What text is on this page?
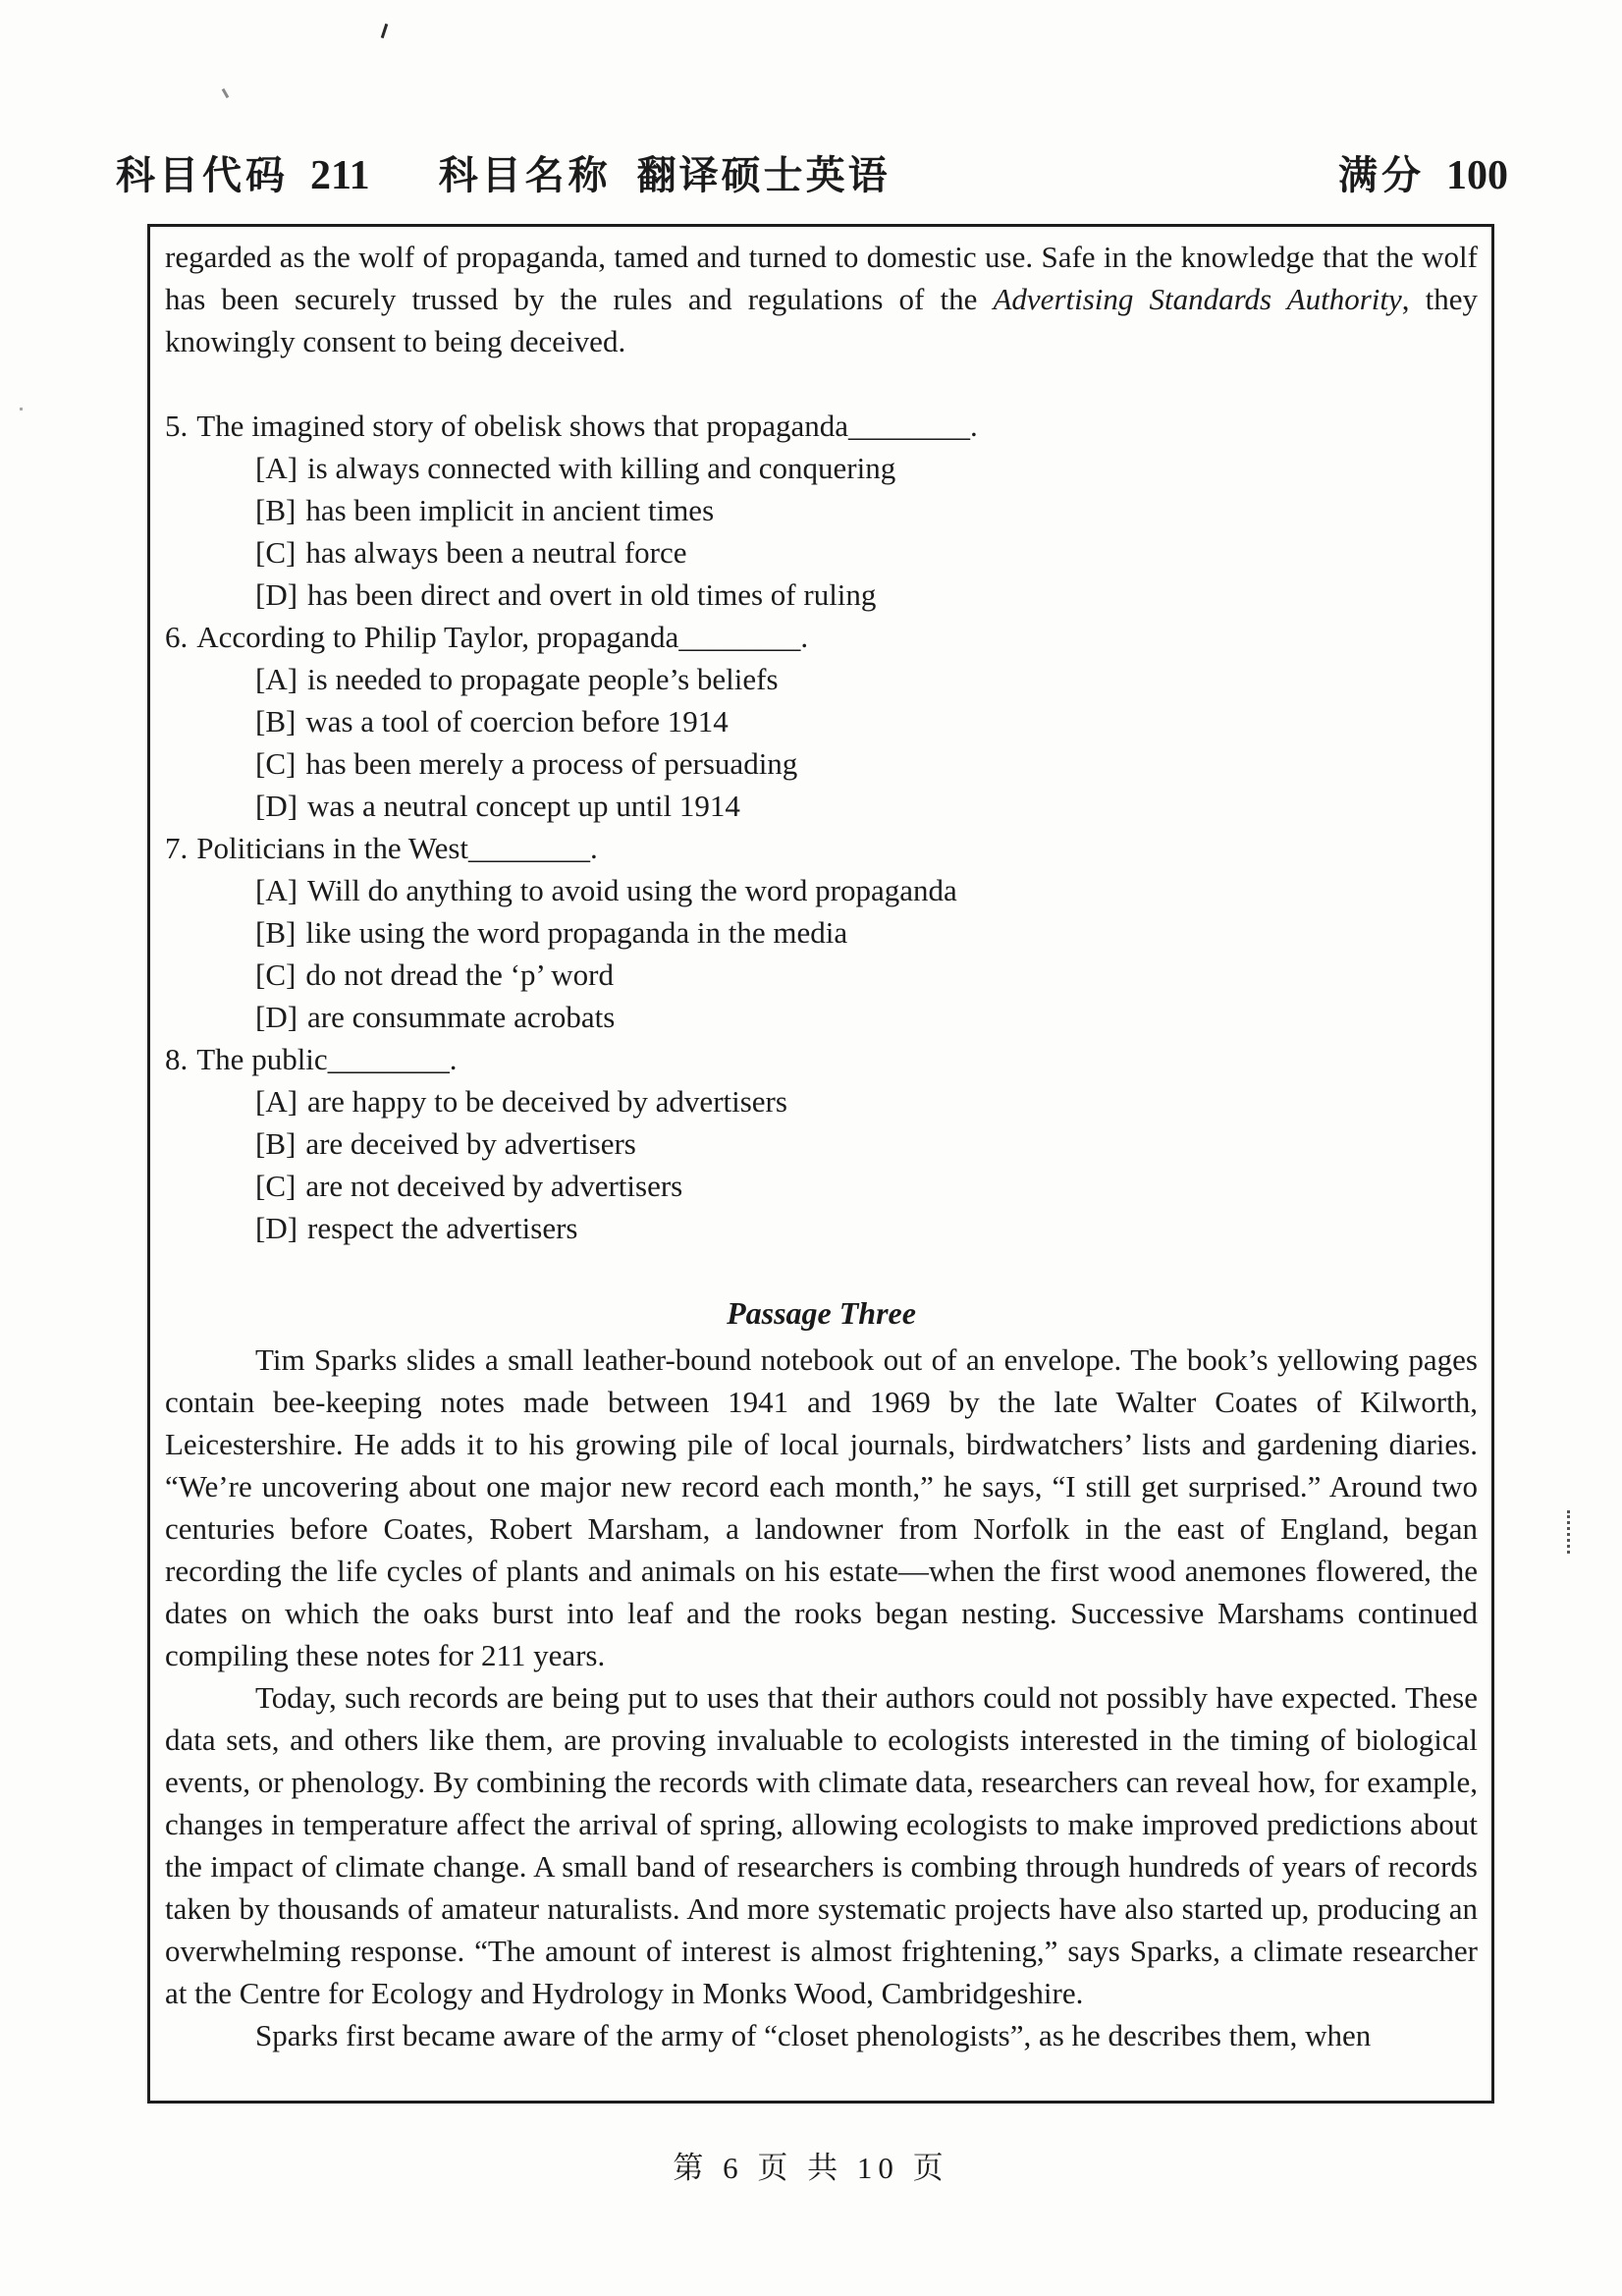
科目代码 211 科目名称 翻译硕士英语	满分 100

regarded as the wolf of propaganda, tamed and turned to domestic use. Safe in the knowledge that the wolf has been securely trussed by the rules and regulations of the Advertising Standards Authority, they knowingly consent to being deceived.

5. The imagined story of obelisk shows that propaganda________.
[A] is always connected with killing and conquering
[B] has been implicit in ancient times
[C] has always been a neutral force
[D] has been direct and overt in old times of ruling
6. According to Philip Taylor, propaganda________.
[A] is needed to propagate people’s beliefs
[B] was a tool of coercion before 1914
[C] has been merely a process of persuading
[D] was a neutral concept up until 1914
7. Politicians in the West________.
[A] Will do anything to avoid using the word propaganda
[B] like using the word propaganda in the media
[C] do not dread the ‘p’ word
[D] are consummate acrobats
8. The public________.
[A] are happy to be deceived by advertisers
[B] are deceived by advertisers
[C] are not deceived by advertisers
[D] respect the advertisers

Passage Three

Tim Sparks slides a small leather-bound notebook out of an envelope. The book’s yellowing pages contain bee-keeping notes made between 1941 and 1969 by the late Walter Coates of Kilworth, Leicestershire. He adds it to his growing pile of local journals, birdwatchers’ lists and gardening diaries. “We’re uncovering about one major new record each month,” he says, “I still get surprised.” Around two centuries before Coates, Robert Marsham, a landowner from Norfolk in the east of England, began recording the life cycles of plants and animals on his estate—when the first wood anemones flowered, the dates on which the oaks burst into leaf and the rooks began nesting. Successive Marshams continued compiling these notes for 211 years.

Today, such records are being put to uses that their authors could not possibly have expected. These data sets, and others like them, are proving invaluable to ecologists interested in the timing of biological events, or phenology. By combining the records with climate data, researchers can reveal how, for example, changes in temperature affect the arrival of spring, allowing ecologists to make improved predictions about the impact of climate change. A small band of researchers is combing through hundreds of years of records taken by thousands of amateur naturalists. And more systematic projects have also started up, producing an overwhelming response. “The amount of interest is almost frightening,” says Sparks, a climate researcher at the Centre for Ecology and Hydrology in Monks Wood, Cambridgeshire.

Sparks first became aware of the army of “closet phenologists”, as he describes them, when

第 6 页 共 10 页
